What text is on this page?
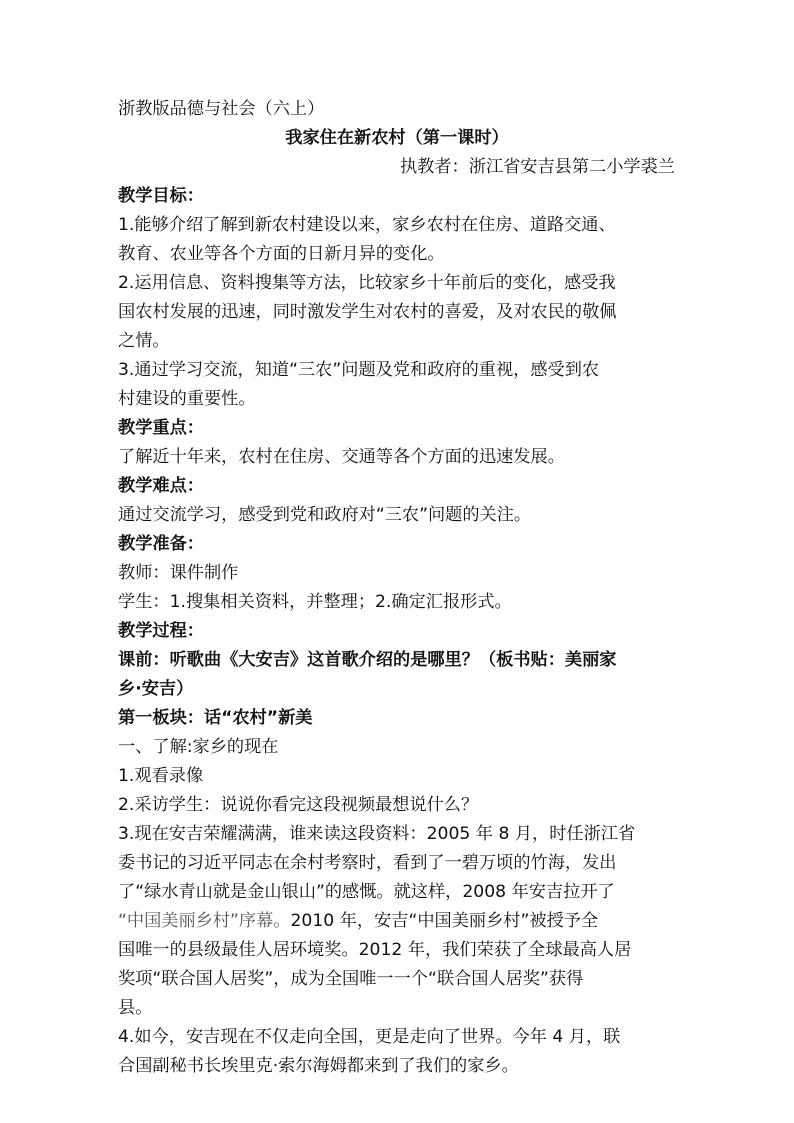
浙教版品德与社会（六上）
我家住在新农村（第一课时）
执教者：浙江省安吉县第二小学裘兰
教学目标：
1.能够介绍了解到新农村建设以来，家乡农村在住房、道路交通、
教育、农业等各个方面的日新月异的变化。
2.运用信息、资料搜集等方法，比较家乡十年前后的变化，感受我
国农村发展的迅速，同时激发学生对农村的喜爱，及对农民的敬佩
之情。
3.通过学习交流，知道“三农”问题及党和政府的重视，感受到农
村建设的重要性。
教学重点：
了解近十年来，农村在住房、交通等各个方面的迅速发展。
教学难点：
通过交流学习，感受到党和政府对“三农”问题的关注。
教学准备：
教师：课件制作
学生：1.搜集相关资料，并整理；2.确定汇报形式。
教学过程：
课前：听歌曲《大安吉》这首歌介绍的是哪里？（板书贴：美丽家
乡·安吉）
第一板块：话“农村”新美
一、了解:家乡的现在
1.观看录像
2.采访学生：说说你看完这段视频最想说什么？
3.现在安吉荣耀满满，谁来读这段资料：2005 年 8 月，时任浙江省
委书记的习近平同志在余村考察时，看到了一碧万顷的竹海，发出
了“绿水青山就是金山银山”的感慨。就这样，2008 年安吉拉开了
“中国美丽乡村”序幕。2010 年，安吉“中国美丽乡村”被授予全
国唯一的县级最佳人居环境奖。2012 年，我们荣获了全球最高人居
奖项“联合国人居奖”，成为全国唯一一个“联合国人居奖”获得
县。
4.如今，安吉现在不仅走向全国，更是走向了世界。今年 4 月，联
合国副秘书长埃里克·索尔海姆都来到了我们的家乡。
